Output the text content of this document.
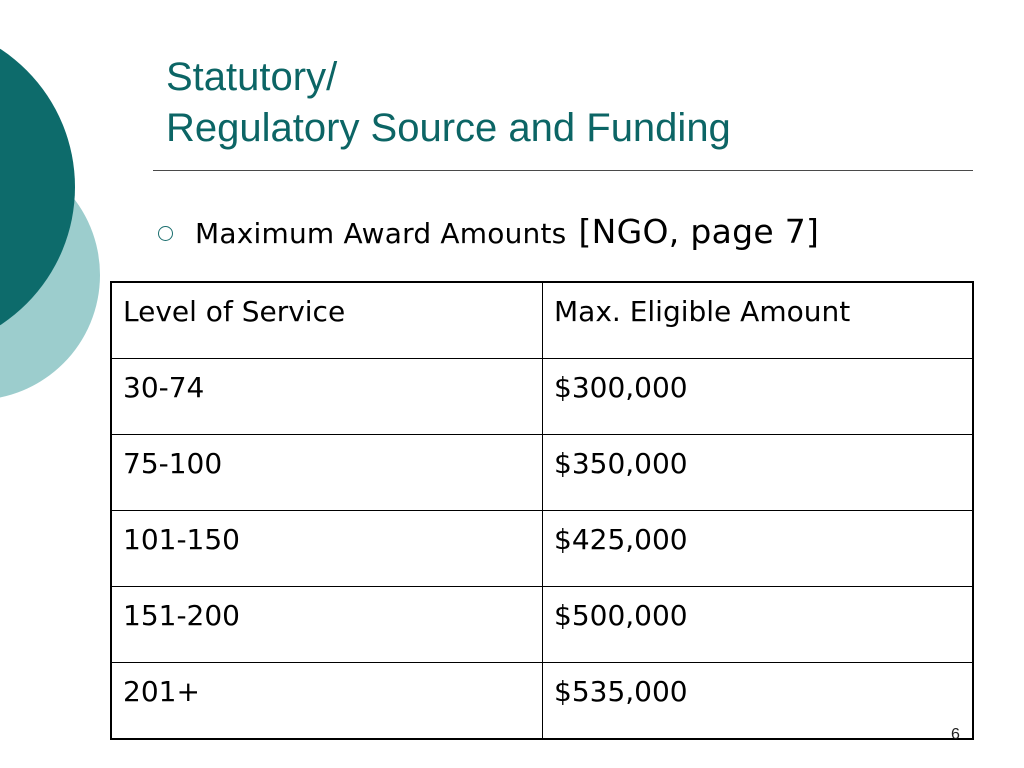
Statutory/
Regulatory Source and Funding
Maximum Award Amounts [NGO, page 7]
Level of Service	Max. Eligible Amount
30-74	$300,000
75-100	$350,000
101-150	$425,000
151-200	$500,000
201+	$535,000
6
